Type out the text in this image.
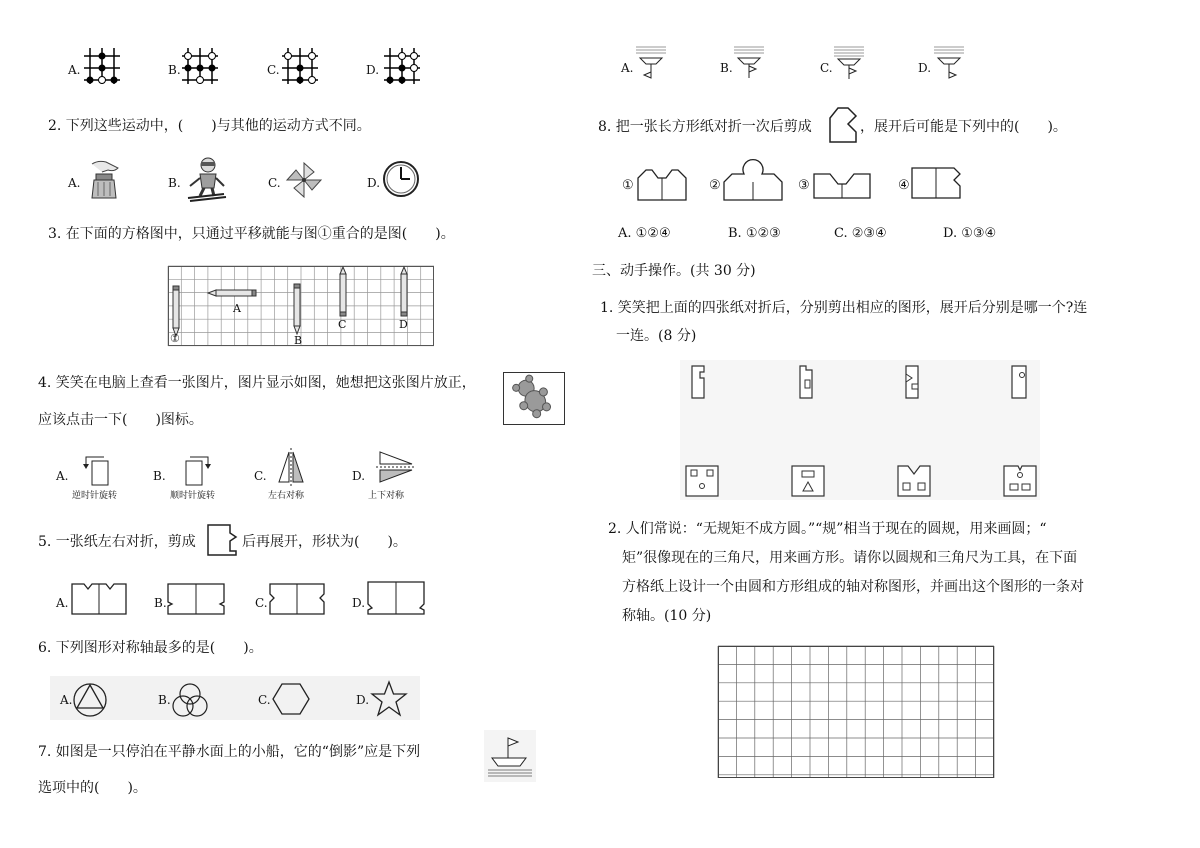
A.	B.	C.	D.
2. 下列这些运动中，(　　)与其他的运动方式不同。
A.	B.	C.	D.
3. 在下面的方格图中，只通过平移就能与图①重合的是图(　　)。
①
A
B
C	D
4. 笑笑在电脑上查看一张图片，图片显示如图，她想把这张图片放正，
应该点击一下(　　)图标。
A.
逆时针旋转
B.
顺时针旋转
C.
左右对称
D.
上下对称
5. 一张纸左右对折，剪成	后再展开，形状为(　　)。
A.	B.	C.	D.
6. 下列图形对称轴最多的是(　　)。
A.	B.	C.	D.
7. 如图是一只停泊在平静水面上的小船，它的“倒影”应是下列
选项中的(　　)。
A.	B.	C.	D.
8. 把一张长方形纸对折一次后剪成	，展开后可能是下列中的(　　)。
①	②	③	④
A. ①②④	B. ①②③	C. ②③④	D. ①③④
三、动手操作。(共 30 分)
1. 笑笑把上面的四张纸对折后，分别剪出相应的图形，展开后分别是哪一个?连
一连。(8 分)
2. 人们常说：“无规矩不成方圆。”“规”相当于现在的圆规，用来画圆；“
矩”很像现在的三角尺，用来画方形。请你以圆规和三角尺为工具，在下面
方格纸上设计一个由圆和方形组成的轴对称图形，并画出这个图形的一条对
称轴。(10 分)
